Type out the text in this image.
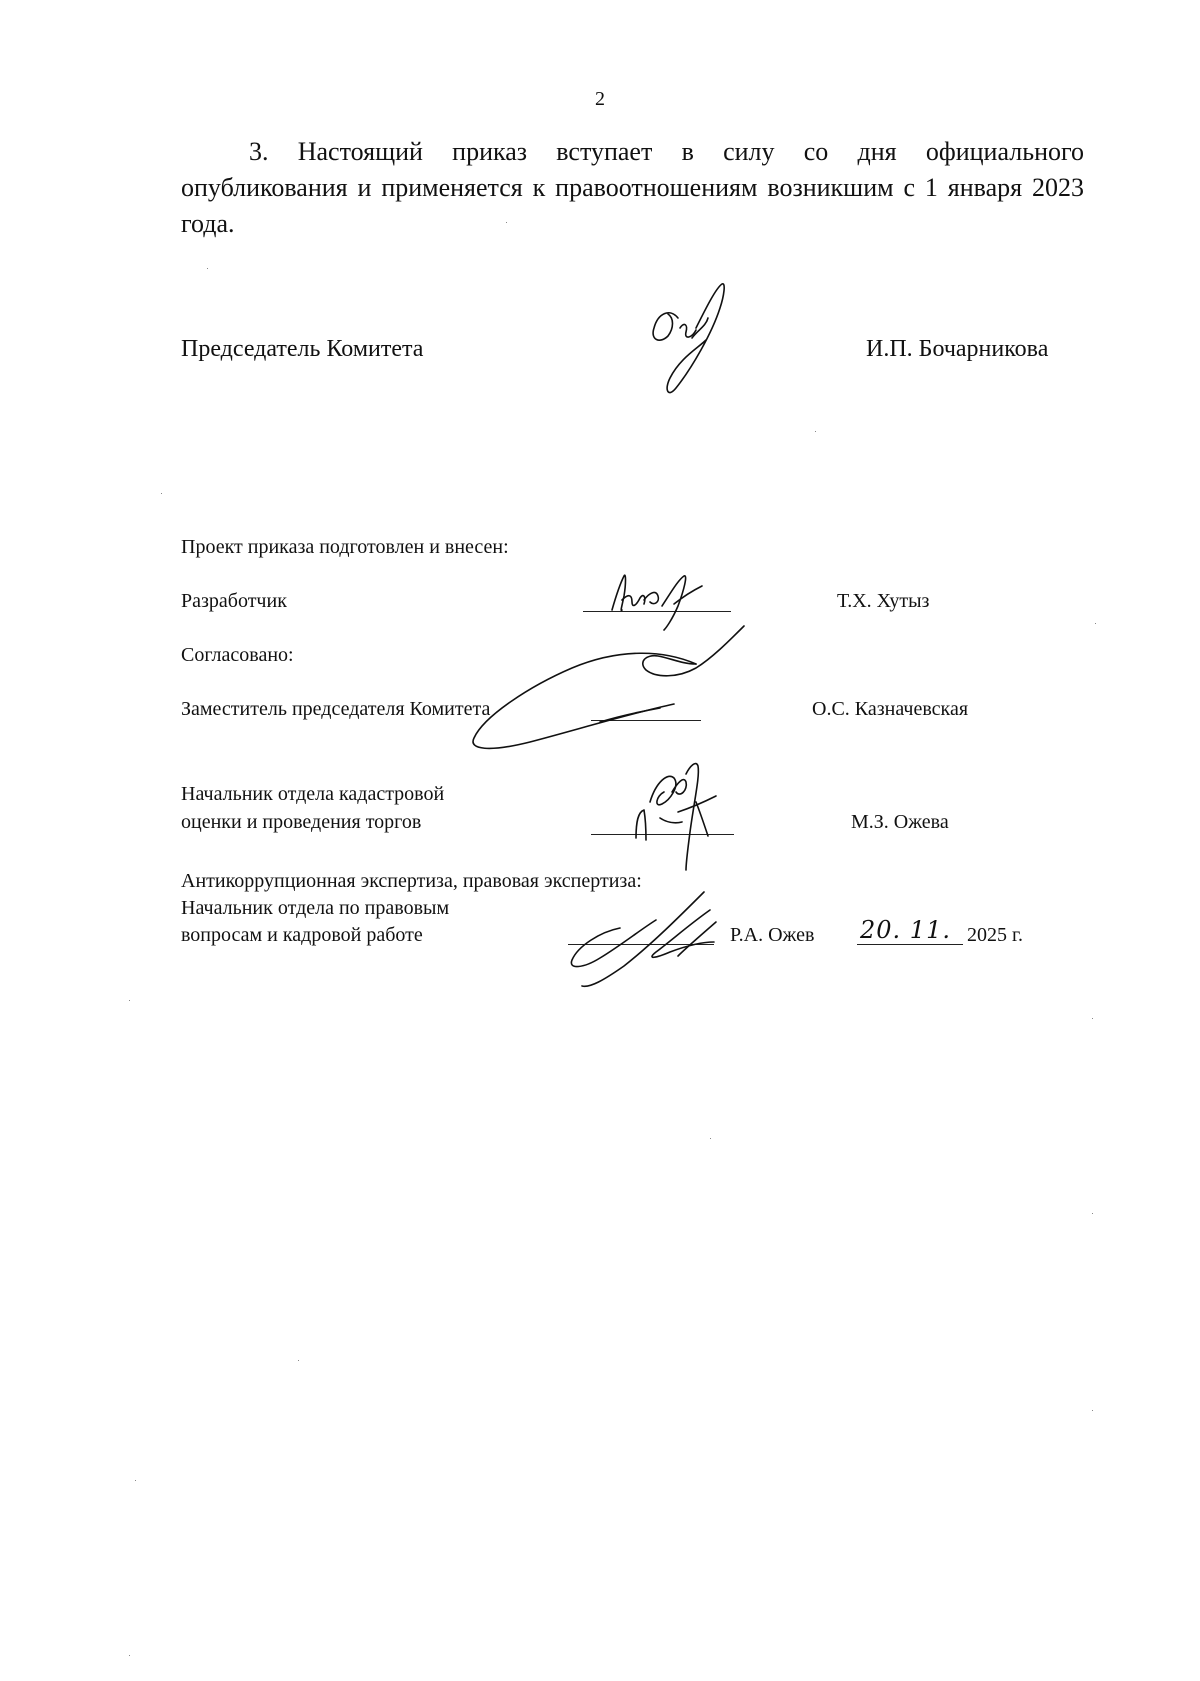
2
3. Настоящий приказ вступает в силу со дня официального
опубликования и применяется к правоотношениям возникшим с 1 января 2023 года.
Председатель Комитета	И.П. Бочарникова
Проект приказа подготовлен и внесен:
Разработчик	Т.Х. Хутыз
Согласовано:
Заместитель председателя Комитета	О.С. Казначевская
Начальник отдела кадастровой
оценки и проведения торгов	М.З. Ожева
Антикоррупционная экспертиза, правовая экспертиза:
Начальник отдела по правовым
вопросам и кадровой работе	Р.А. Ожев 20. 11. 2025 г.
